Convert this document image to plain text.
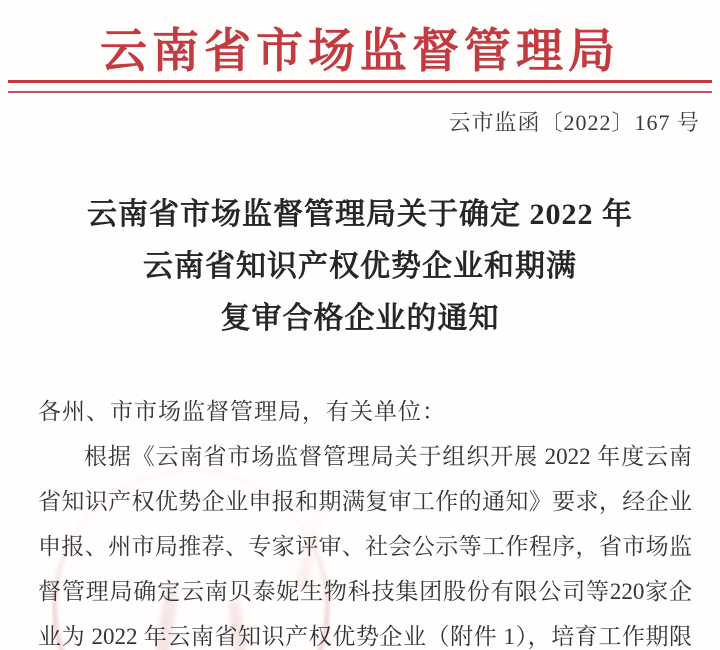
云南省市场监督管理局
云市监函〔2022〕167 号
云南省市场监督管理局关于确定 2022 年
云南省知识产权优势企业和期满
复审合格企业的通知
各州、市市场监督管理局，有关单位：
根据《云南省市场监督管理局关于组织开展 2022 年度云南
省知识产权优势企业申报和期满复审工作的通知》要求，经企业
申报、州市局推荐、专家评审、社会公示等工作程序，省市场监
督管理局确定云南贝泰妮生物科技集团股份有限公司等220家企
业为 2022 年云南省知识产权优势企业（附件 1），培育工作期限
